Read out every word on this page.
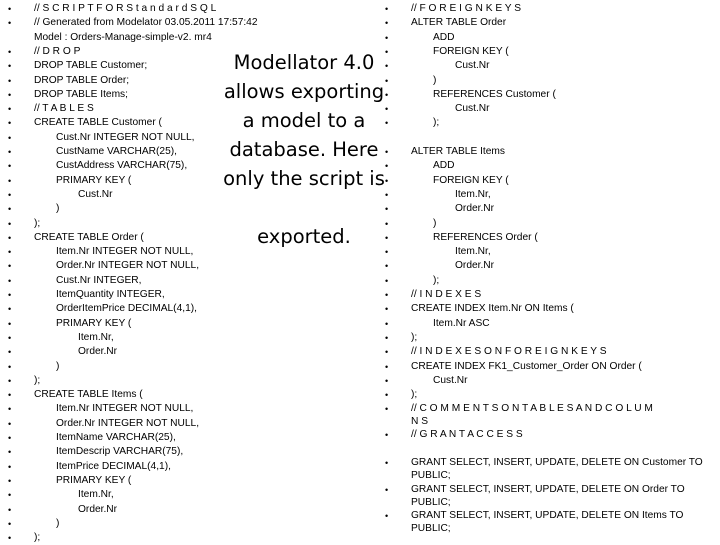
• // S C R I P T F O R S t a n d a r d S Q L
• // Generated from Modelator 03.05.2011 17:57:42
Model : Orders-Manage-simple-v2. mr4
• // D R O P
• DROP TABLE Customer;
• DROP TABLE Order;
• DROP TABLE Items;
• // T A B L E S
• CREATE TABLE Customer (
•	Cust.Nr INTEGER NOT NULL,
•	CustName VARCHAR(25),
•	CustAddress VARCHAR(75),
•	PRIMARY KEY (
•	Cust.Nr
•	)
• );
• CREATE TABLE Order (
•	Item.Nr INTEGER NOT NULL,
•	Order.Nr INTEGER NOT NULL,
•	Cust.Nr INTEGER,
•	ItemQuantity INTEGER,
•	OrderItemPrice DECIMAL(4,1),
•	PRIMARY KEY (
•	Item.Nr,
•	Order.Nr
•	)
• );
• CREATE TABLE Items (
•	Item.Nr INTEGER NOT NULL,
•	Order.Nr INTEGER NOT NULL,
•	ItemName VARCHAR(25),
•	ItemDescrip VARCHAR(75),
•	ItemPrice DECIMAL(4,1),
•	PRIMARY KEY (
•	Item.Nr,
•	Order.Nr
•	)
• );
Modellator 4.0
allows exporting
a model to a
database. Here
only the script is

exported.
• // F O R E I G N K E Y S
• ALTER TABLE Order
•	ADD
•	FOREIGN KEY (
•	Cust.Nr
•	)
•	REFERENCES Customer (
•	Cust.Nr
•	);
• ALTER TABLE Items
•	ADD
•	FOREIGN KEY (
•	Item.Nr,
•	Order.Nr
•	)
•	REFERENCES Order (
•	Item.Nr,
•	Order.Nr
•	);
• // I N D E X E S
• CREATE INDEX Item.Nr ON Items (
•	Item.Nr ASC
• );
• // I N D E X E S O N F O R E I G N K E Y S
• CREATE INDEX FK1_Customer_Order ON Order (
•	Cust.Nr
• );
• // C O M M E N T S O N T A B L E S A N D C O L U M
N S
• // G R A N T A C C E S S
• GRANT SELECT, INSERT, UPDATE, DELETE ON Customer TO
PUBLIC;
• GRANT SELECT, INSERT, UPDATE, DELETE ON Order TO
PUBLIC;
• GRANT SELECT, INSERT, UPDATE, DELETE ON Items TO
PUBLIC;
